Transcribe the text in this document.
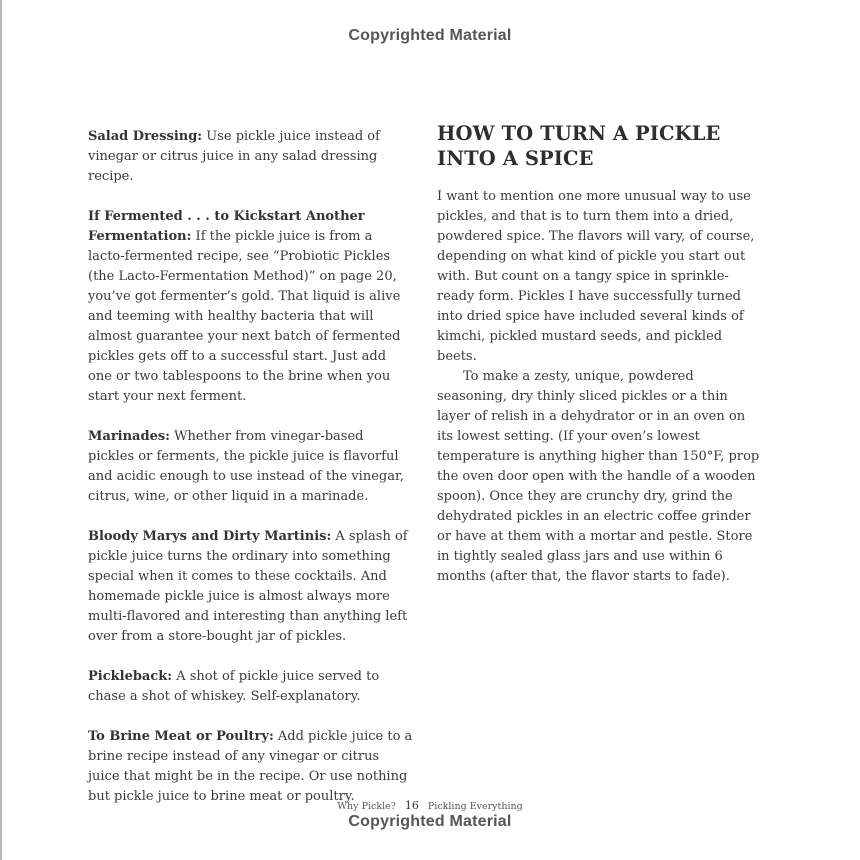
Copyrighted Material

Salad Dressing: Use pickle juice instead of vinegar or citrus juice in any salad dressing recipe.

If Fermented . . . to Kickstart Another Fermentation: If the pickle juice is from a lacto-fermented recipe, see “Probiotic Pickles (the Lacto-Fermentation Method)” on page 20, you’ve got fermenter’s gold. That liquid is alive and teeming with healthy bacteria that will almost guarantee your next batch of fermented pickles gets off to a successful start. Just add one or two tablespoons to the brine when you start your next ferment.

Marinades: Whether from vinegar-based pickles or ferments, the pickle juice is flavorful and acidic enough to use instead of the vinegar, citrus, wine, or other liquid in a marinade.

Bloody Marys and Dirty Martinis: A splash of pickle juice turns the ordinary into something special when it comes to these cocktails. And homemade pickle juice is almost always more multi-flavored and interesting than anything left over from a store-bought jar of pickles.

Pickleback: A shot of pickle juice served to chase a shot of whiskey. Self-explanatory.

To Brine Meat or Poultry: Add pickle juice to a brine recipe instead of any vinegar or citrus juice that might be in the recipe. Or use nothing but pickle juice to brine meat or poultry.

HOW TO TURN A PICKLE INTO A SPICE

I want to mention one more unusual way to use pickles, and that is to turn them into a dried, powdered spice. The flavors will vary, of course, depending on what kind of pickle you start out with. But count on a tangy spice in sprinkle-ready form. Pickles I have successfully turned into dried spice have included several kinds of kimchi, pickled mustard seeds, and pickled beets.

To make a zesty, unique, powdered seasoning, dry thinly sliced pickles or a thin layer of relish in a dehydrator or in an oven on its lowest setting. (If your oven’s lowest temperature is anything higher than 150°F, prop the oven door open with the handle of a wooden spoon). Once they are crunchy dry, grind the dehydrated pickles in an electric coffee grinder or have at them with a mortar and pestle. Store in tightly sealed glass jars and use within 6 months (after that, the flavor starts to fade).

Why Pickle? 16 Pickling Everything
Copyrighted Material
